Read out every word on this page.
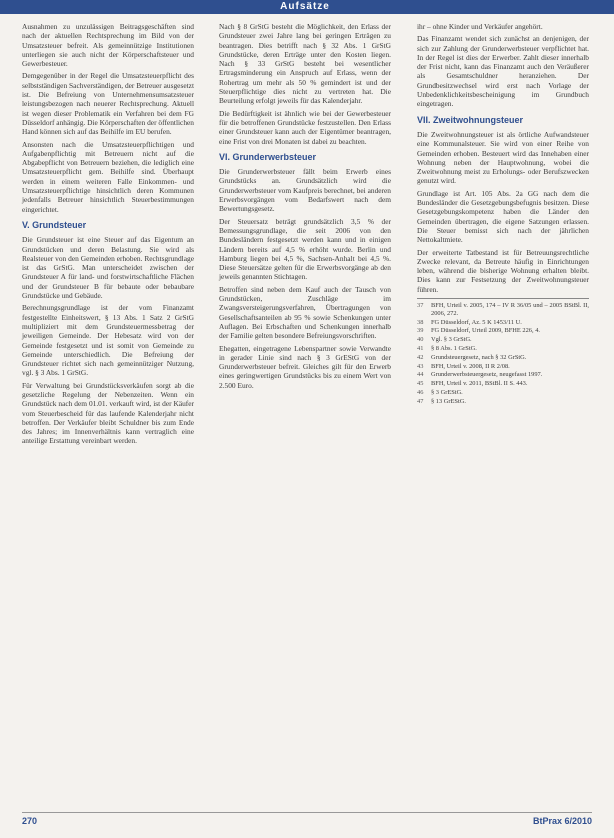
Aufsätze

Ausnahmen zu unzulässigen Beitragsgeschäften sind nach der aktuellen Rechtsprechung im Bild von der Umsatzsteuer befreit. Als gemeinnützige Institutionen unterliegen sie auch nicht der Körperschaftsteuer und Gewerbesteuer.

Demgegenüber in der Regel die Umsatzsteuerpflicht des selbstständigen Sachverständigen, der Betreuer ausgesetzt ist. Die Befreiung von Unternehmensumsatzsteuer leistungsbezogen nach neuerer Rechtsprechung. Aktuell ist wegen dieser Problematik ein Verfahren bei dem FG Düsseldorf anhängig. Die Körperschaften der öffentlichen Hand können sich auf das Beihilfe im EU berufen.

Ansonsten nach die Umsatzsteuerpflichtigen und Aufgabenpflichtig mit Betreuern nicht auf die Abgabepflicht von Betreuern beziehen, die lediglich eine Umsatzsteuerpflicht gem. Beihilfe sind. Überhaupt werden in einem weiteren Falle Einkommen- und Umsatzsteuerpflichtige hinsichtlich deren Kommunen jedenfalls Betreuer hinsichtlich Steuerbestimmungen eingerichtet.

V. Grundsteuer

Die Grundsteuer ist eine Steuer auf das Eigentum an Grundstücken und deren Belastung. Sie wird als Realsteuer von den Gemeinden erhoben. Rechtsgrundlage ist das GrStG. Man unterscheidet zwischen der Grundsteuer A für land- und forstwirtschaftliche Flächen und der Grundsteuer B für bebaute oder bebaubare Grundstücke und Gebäude.

Berechnungsgrundlage ist der vom Finanzamt festgestellte Einheitswert, § 13 Abs. 1 Satz 2 GrStG multipliziert mit dem Grundsteuermessbetrag der jeweiligen Gemeinde. Der Hebesatz wird von der Gemeinde festgesetzt und ist somit von Gemeinde zu Gemeinde unterschiedlich. Die Befreiung der Grundsteuer richtet sich nach gemeinnütziger Nutzung, vgl. § 3 Abs. 1 GrStG.

Für Verwaltung bei Grundstücksverkäufen sorgt ab die gesetzliche Regelung der Nebenzeiten. Wenn ein Grundstück nach dem 01.01. verkauft wird, ist der Käufer vom Steuerbescheid für das laufende Kalenderjahr nicht betroffen. Der Verkäufer bleibt Schuldner bis zum Ende des Jahres; im Innenverhältnis kann vertraglich eine anteilige Erstattung vereinbart werden.

Nach § 8 GrStG besteht die Möglichkeit, den Erlass der Grundsteuer zwei Jahre lang bei geringen Erträgen zu beantragen. Dies betrifft nach § 32 Abs. 1 GrStG Grundstücke, deren Erträge unter den Kosten liegen. Nach § 33 GrStG besteht bei wesentlicher Ertragsminderung ein Anspruch auf Erlass, wenn der Rohertrag um mehr als 50 % gemindert ist und der Steuerpflichtige dies nicht zu vertreten hat. Die Beurteilung erfolgt jeweils für das Kalenderjahr.

Die Bedürftigkeit ist ähnlich wie bei der Gewerbesteuer für die betroffenen Grundstücke festzustellen. Den Erlass einer Grundsteuer kann auch der Eigentümer beantragen, eine Frist von drei Monaten ist dabei zu beachten.

VI. Grunderwerbsteuer

Die Grunderwerbsteuer fällt beim Erwerb eines Grundstücks an. Grundsätzlich wird die Grunderwerbsteuer vom Kaufpreis berechnet, bei anderen Erwerbsvorgängen vom Bedarfswert nach dem Bewertungsgesetz.

Der Steuersatz beträgt grundsätzlich 3,5 % der Bemessungsgrundlage, die seit 2006 von den Bundesländern festgesetzt werden kann und in einigen Ländern bereits auf 4,5 % erhöht wurde. Berlin und Hamburg liegen bei 4,5 %, Sachsen-Anhalt bei 4,5 %. Diese Steuersätze gelten für die Erwerbsvorgänge ab den jeweils genannten Stichtagen.

Betroffen sind neben dem Kauf auch der Tausch von Grundstücken, Zuschläge im Zwangsversteigerungsverfahren, Übertragungen von Gesellschaftsanteilen ab 95 % sowie Schenkungen unter Auflagen. Bei Erbschaften und Schenkungen innerhalb der Familie gelten besondere Befreiungsvorschriften.

Ehegatten, eingetragene Lebenspartner sowie Verwandte in gerader Linie sind nach § 3 GrEStG von der Grunderwerbsteuer befreit. Gleiches gilt für den Erwerb eines geringwertigen Grundstücks bis zu einem Wert von 2.500 Euro.

ihr – ohne Kinder und Verkäufer angehört.

Das Finanzamt wendet sich zunächst an denjenigen, der sich zur Zahlung der Grunderwerbsteuer verpflichtet hat. In der Regel ist dies der Erwerber. Zahlt dieser innerhalb der Frist nicht, kann das Finanzamt auch den Veräußerer als Gesamtschuldner heranziehen. Der Grundbesitzwechsel wird erst nach Vorlage der Unbedenklichkeitsbescheinigung im Grundbuch eingetragen.

VII. Zweitwohnungsteuer

Die Zweitwohnungsteuer ist als örtliche Aufwandsteuer eine Kommunalsteuer. Sie wird von einer Reihe von Gemeinden erhoben. Besteuert wird das Innehaben einer Wohnung neben der Hauptwohnung, wobei die Zweitwohnung meist zu Erholungs- oder Berufszwecken genutzt wird.

Grundlage ist Art. 105 Abs. 2a GG nach dem die Bundesländer die Gesetzgebungsbefugnis besitzen. Diese Gesetzgebungskompetenz haben die Länder den Gemeinden übertragen, die eigene Satzungen erlassen. Die Steuer bemisst sich nach der jährlichen Nettokaltmiete.

Der erweiterte Tatbestand ist für Betreuungsrechtliche Zwecke relevant, da Betreute häufig in Einrichtungen leben, während die bisherige Wohnung erhalten bleibt. Dies kann zur Festsetzung der Zweitwohnungsteuer führen.

37	BFH, Urteil v. 2005, 174 – IV R 36/05 und – 2005 BStBl. II, 2006, 272.
38	FG Düsseldorf, Az. 5 K 1453/11 U.
39	FG Düsseldorf, Urteil 2009, BFHE 226, 4.
40	Vgl. § 3 GrStG.
41	§ 8 Abs. 1 GrStG.
42	Grundsteuergesetz, nach § 32 GrStG.
43	BFH, Urteil v. 2008, II R 2/08.
44	Grunderwerbsteuergesetz, neugefasst 1997.
45	BFH, Urteil v. 2011, BStBl. II S. 443.
46	§ 3 GrEStG.
47	§ 13 GrEStG.
270	BtPrax 6/2010
